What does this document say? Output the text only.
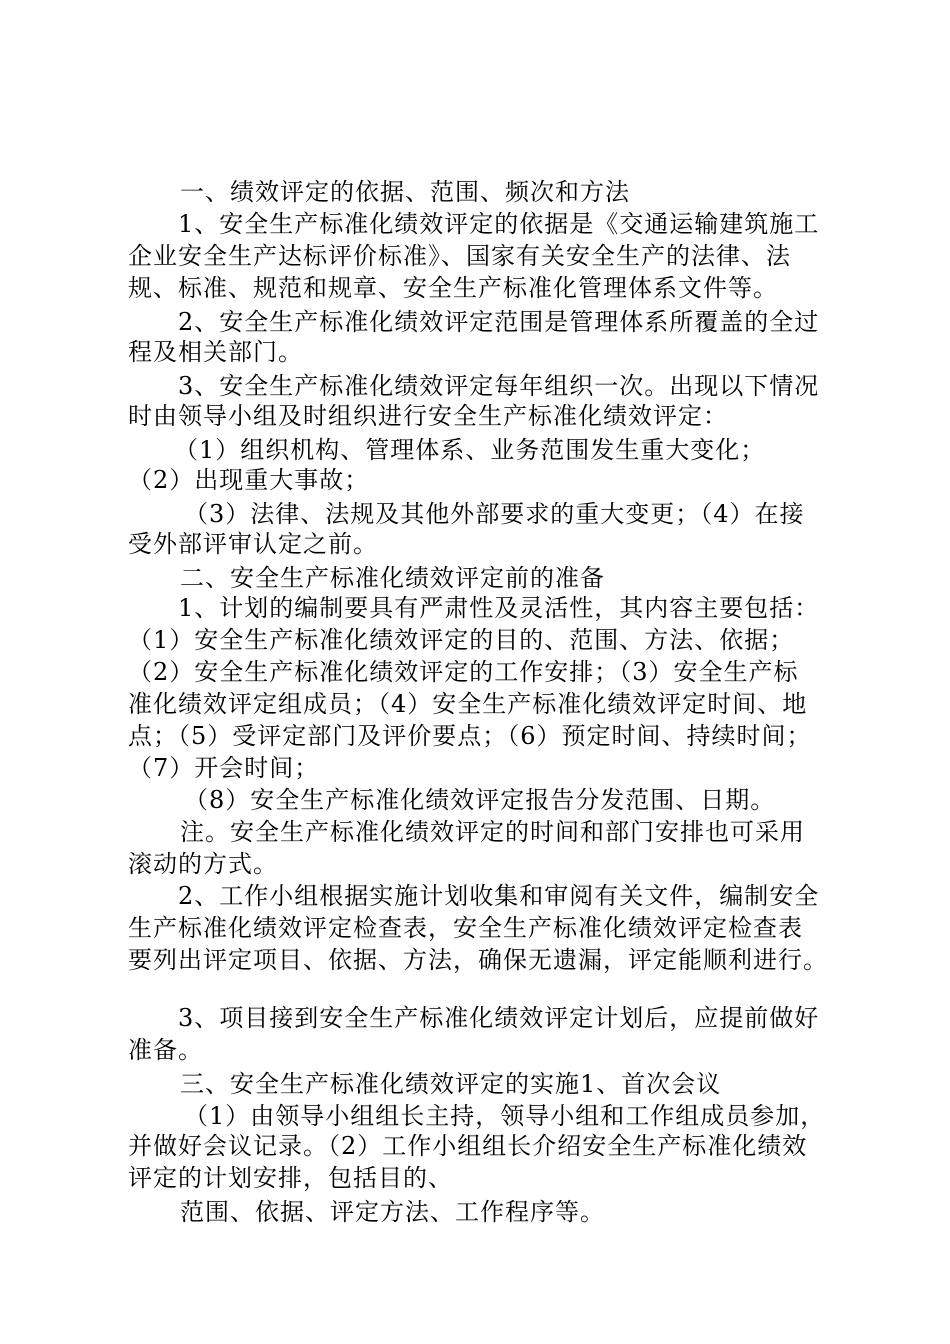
一、绩效评定的依据、范围、频次和方法
1、安全生产标准化绩效评定的依据是《交通运输建筑施工
企业安全生产达标评价标准》、国家有关安全生产的法律、法
规、标准、规范和规章、安全生产标准化管理体系文件等。
2、安全生产标准化绩效评定范围是管理体系所覆盖的全过
程及相关部门。
3、安全生产标准化绩效评定每年组织一次。出现以下情况
时由领导小组及时组织进行安全生产标准化绩效评定：
（1）组织机构、管理体系、业务范围发生重大变化；
（2）出现重大事故；
（3）法律、法规及其他外部要求的重大变更；（4）在接
受外部评审认定之前。
二、安全生产标准化绩效评定前的准备
1、计划的编制要具有严肃性及灵活性，其内容主要包括：
（1）安全生产标准化绩效评定的目的、范围、方法、依据；
（2）安全生产标准化绩效评定的工作安排；（3）安全生产标
准化绩效评定组成员；（4）安全生产标准化绩效评定时间、地
点；（5）受评定部门及评价要点；（6）预定时间、持续时间；
（7）开会时间；
（8）安全生产标准化绩效评定报告分发范围、日期。
注。安全生产标准化绩效评定的时间和部门安排也可采用
滚动的方式。
2、工作小组根据实施计划收集和审阅有关文件，编制安全
生产标准化绩效评定检查表，安全生产标准化绩效评定检查表
要列出评定项目、依据、方法，确保无遗漏，评定能顺利进行。
3、项目接到安全生产标准化绩效评定计划后，应提前做好
准备。
三、安全生产标准化绩效评定的实施1、首次会议
（1）由领导小组组长主持，领导小组和工作组成员参加，
并做好会议记录。（2）工作小组组长介绍安全生产标准化绩效
评定的计划安排，包括目的、
范围、依据、评定方法、工作程序等。
